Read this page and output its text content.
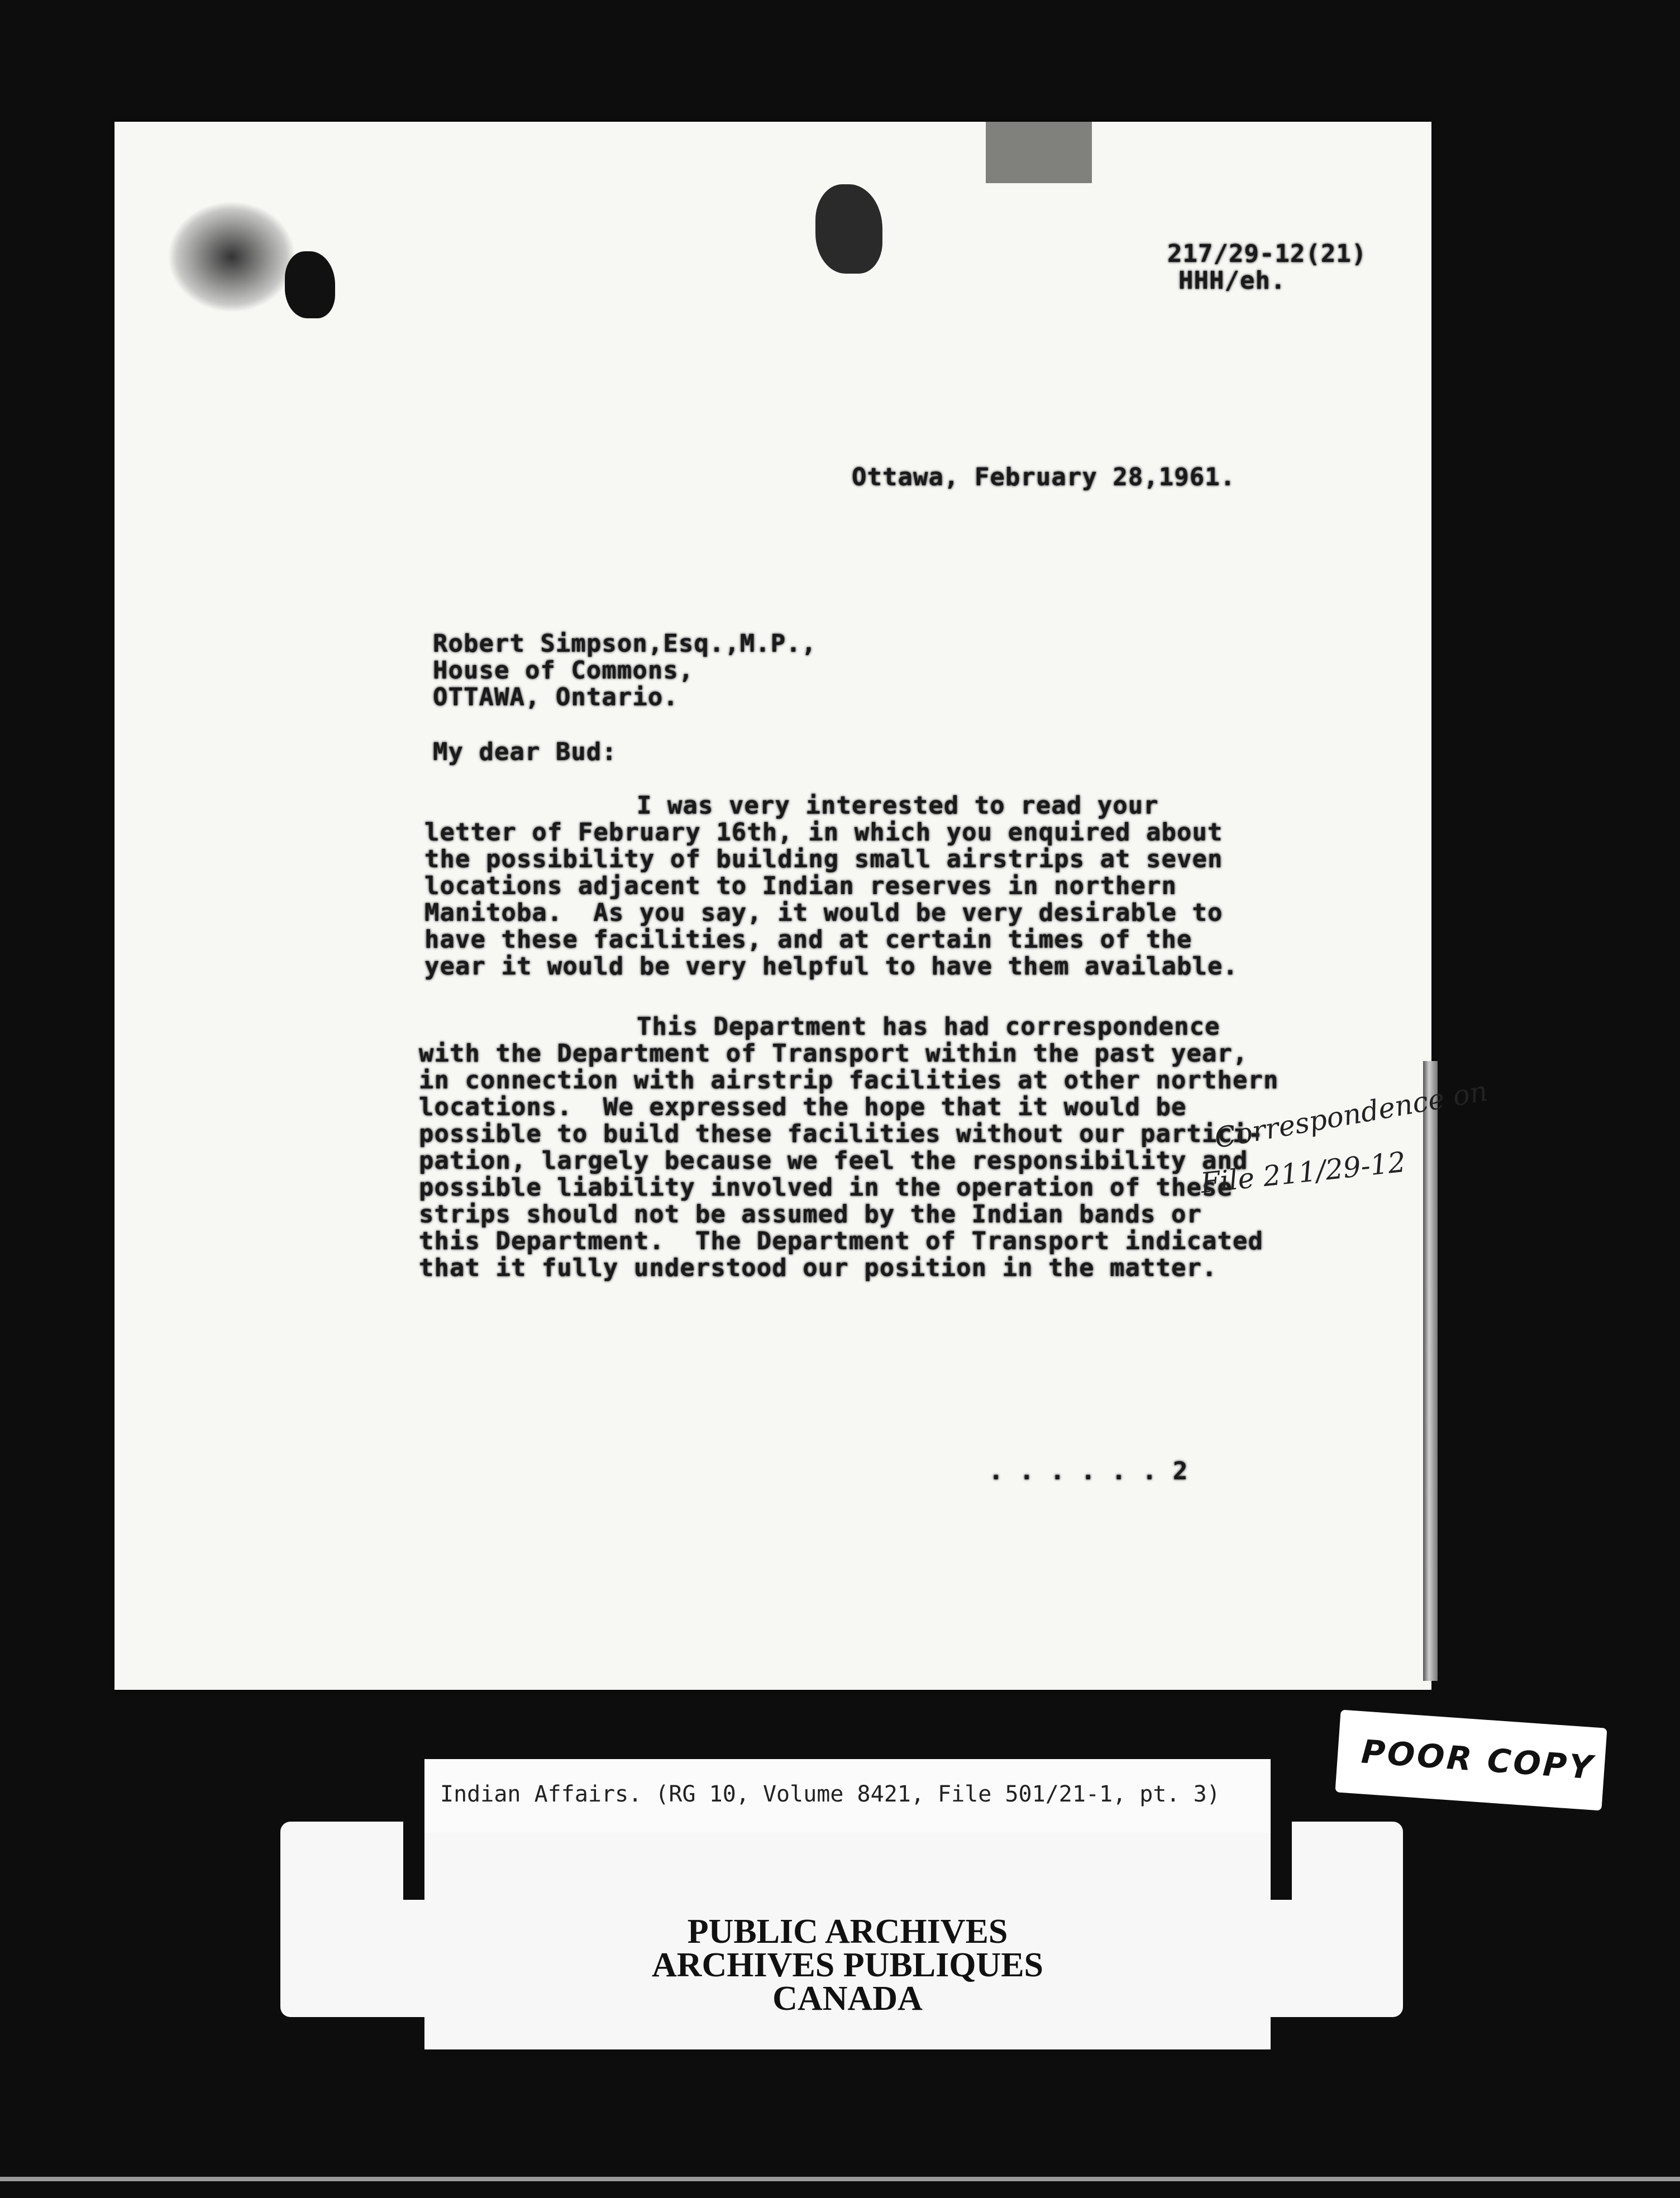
217/29-12(21)
HHH/eh.
Ottawa, February 28,1961.
Robert Simpson,Esq.,M.P.,
House of Commons,
OTTAWA, Ontario.
My dear Bud:
I was very interested to read your
letter of February 16th, in which you enquired about
the possibility of building small airstrips at seven
locations adjacent to Indian reserves in northern
Manitoba.  As you say, it would be very desirable to
have these facilities, and at certain times of the
year it would be very helpful to have them available.
This Department has had correspondence
with the Department of Transport within the past year,
in connection with airstrip facilities at other northern
locations.  We expressed the hope that it would be
possible to build these facilities without our partici-
pation, largely because we feel the responsibility and
possible liability involved in the operation of these
strips should not be assumed by the Indian bands or
this Department.  The Department of Transport indicated
that it fully understood our position in the matter.
Correspondence on
File 211/29-12
. . . . . . 2
Indian Affairs. (RG 10, Volume 8421, File 501/21-1, pt. 3)
PUBLIC ARCHIVES
ARCHIVES PUBLIQUES
CANADA
POOR COPY
